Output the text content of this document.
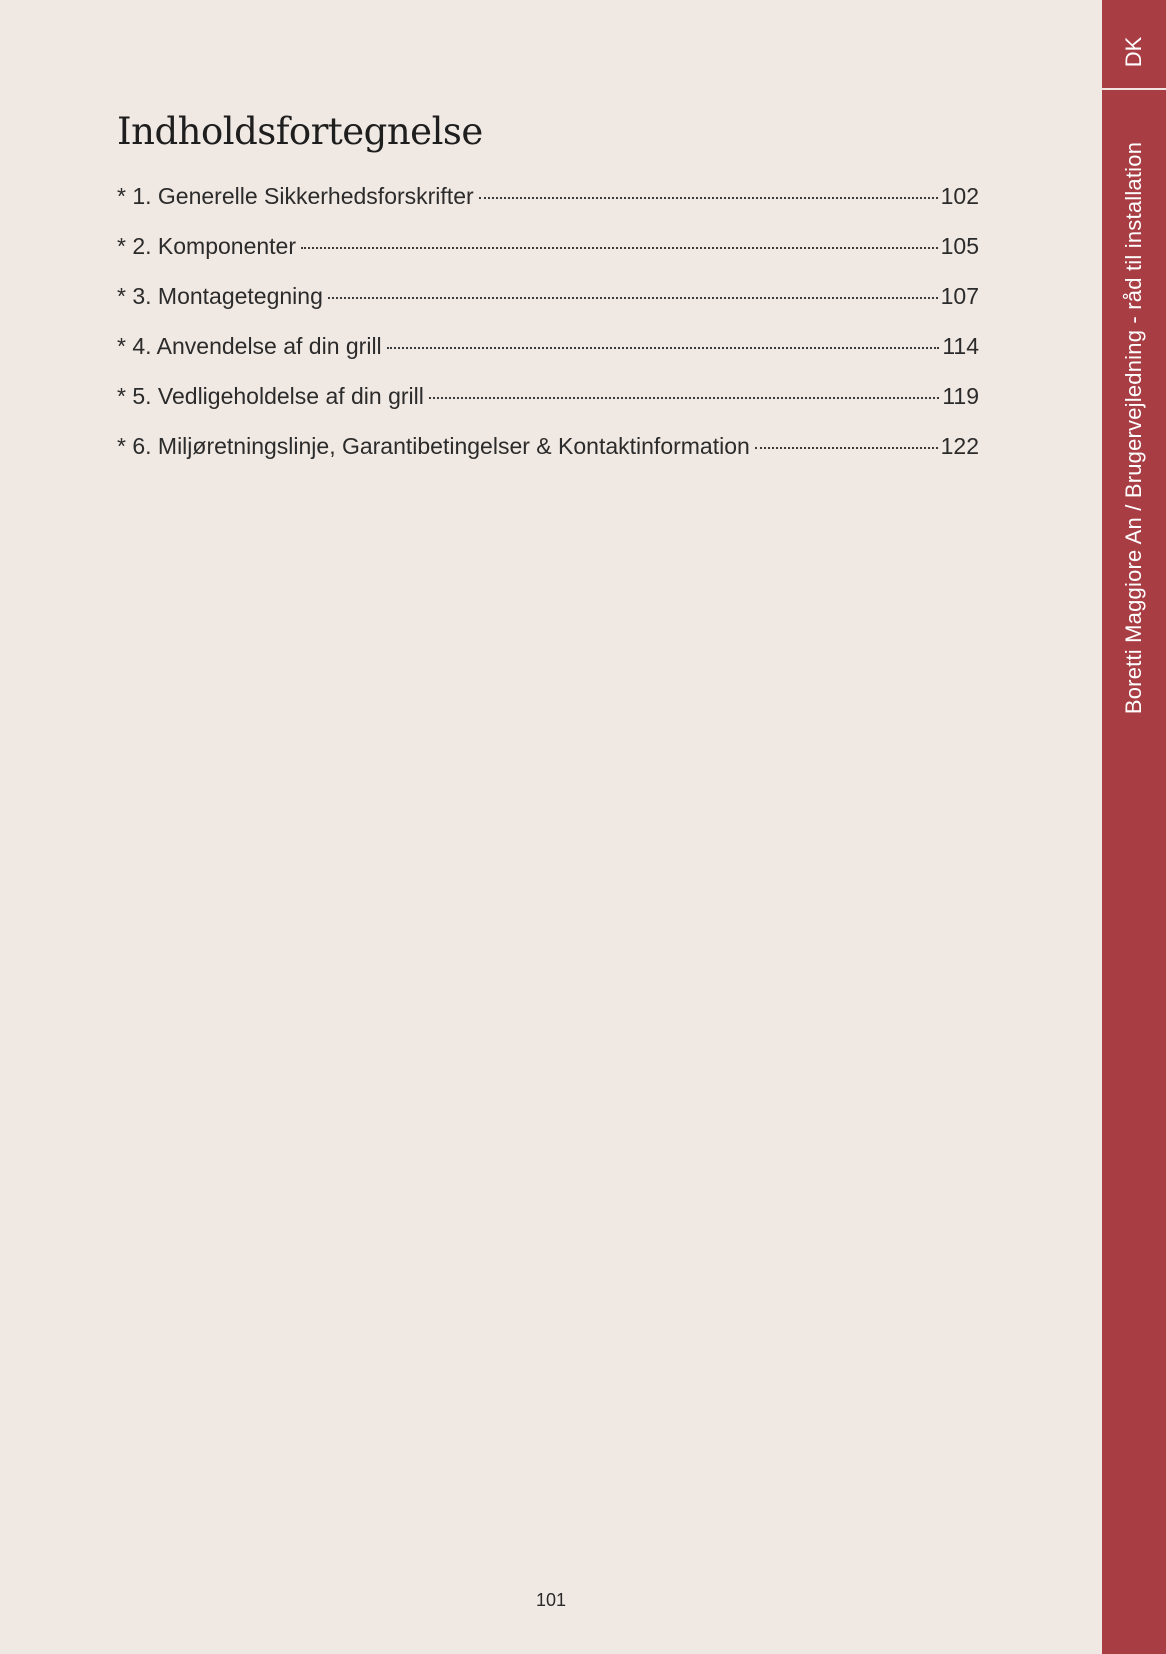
Indholdsfortegnelse
* 1. Generelle Sikkerhedsforskrifter	102
* 2. Komponenter	105
* 3. Montagetegning	107
* 4. Anvendelse af din grill	114
* 5. Vedligeholdelse af din grill	119
* 6. Miljøretningslinje, Garantibetingelser & Kontaktinformation	122
101
DK
Boretti Maggiore An / Brugervejledning - råd til installation
